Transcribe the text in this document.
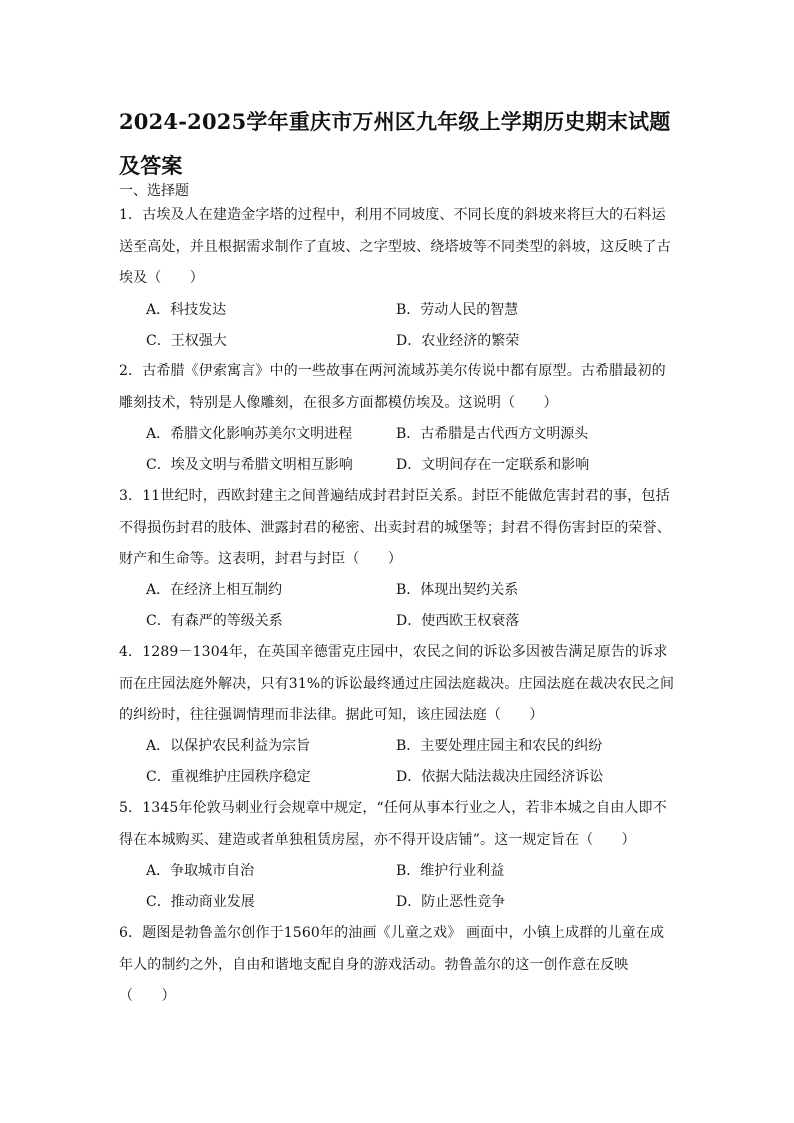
2024-2025学年重庆市万州区九年级上学期历史期末试题及答案
一、选择题
1．古埃及人在建造金字塔的过程中，利用不同坡度、不同长度的斜坡来将巨大的石料运送至高处，并且根据需求制作了直坡、之字型坡、绕塔坡等不同类型的斜坡，这反映了古埃及（　　）
A．科技发达	B．劳动人民的智慧
C．王权强大	D．农业经济的繁荣
2．古希腊《伊索寓言》中的一些故事在两河流域苏美尔传说中都有原型。古希腊最初的雕刻技术，特别是人像雕刻，在很多方面都模仿埃及。这说明（　　）
A．希腊文化影响苏美尔文明进程	B．古希腊是古代西方文明源头
C．埃及文明与希腊文明相互影响	D．文明间存在一定联系和影响
3．11世纪时，西欧封建主之间普遍结成封君封臣关系。封臣不能做危害封君的事，包括不得损伤封君的肢体、泄露封君的秘密、出卖封君的城堡等；封君不得伤害封臣的荣誉、财产和生命等。这表明，封君与封臣（　　）
A．在经济上相互制约	B．体现出契约关系
C．有森严的等级关系	D．使西欧王权衰落
4．1289－1304年，在英国辛德雷克庄园中，农民之间的诉讼多因被告满足原告的诉求而在庄园法庭外解决，只有31%的诉讼最终通过庄园法庭裁决。庄园法庭在裁决农民之间的纠纷时，往往强调情理而非法律。据此可知，该庄园法庭（　　）
A．以保护农民利益为宗旨	B．主要处理庄园主和农民的纠纷
C．重视维护庄园秩序稳定	D．依据大陆法裁决庄园经济诉讼
5．1345年伦敦马刺业行会规章中规定，“任何从事本行业之人，若非本城之自由人即不得在本城购买、建造或者单独租赁房屋，亦不得开设店铺”。这一规定旨在（　　）
A．争取城市自治	B．维护行业利益
C．推动商业发展	D．防止恶性竞争
6．题图是勃鲁盖尔创作于1560年的油画《儿童之戏》 画面中，小镇上成群的儿童在成年人的制约之外，自由和谐地支配自身的游戏活动。勃鲁盖尔的这一创作意在反映（　　）
